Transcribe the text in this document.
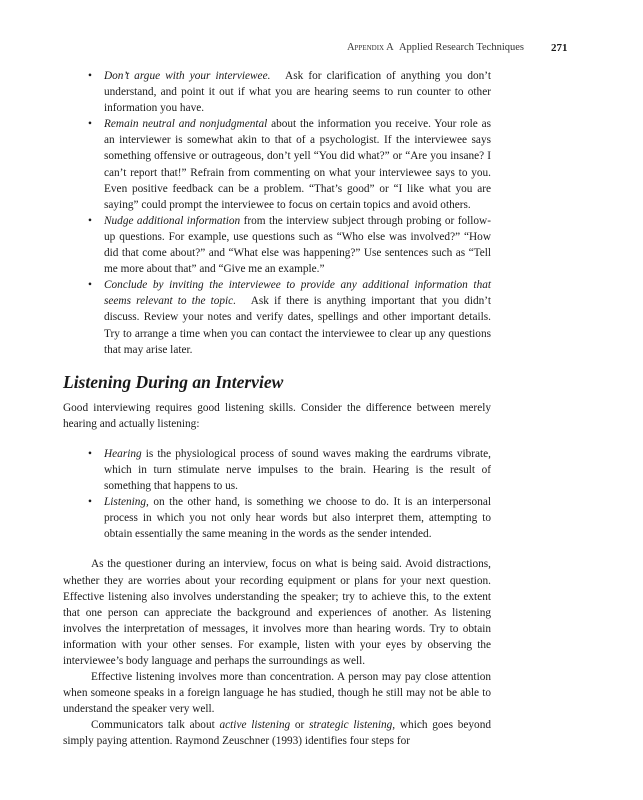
Appendix A Applied Research Techniques 271
•
Don’t argue with your interviewee. Ask for clarification of anything you don’t understand, and point it out if what you are hearing seems to run counter to other information you have.
•
Remain neutral and nonjudgmental about the information you receive. Your role as an interviewer is somewhat akin to that of a psychologist. If the interviewee says something offensive or outrageous, don’t yell “You did what?” or “Are you insane? I can’t report that!” Refrain from commenting on what your interviewee says to you. Even positive feedback can be a problem. “That’s good” or “I like what you are saying” could prompt the interviewee to focus on certain topics and avoid others.
•
Nudge additional information from the interview subject through probing or follow-up questions. For example, use questions such as “Who else was involved?” “How did that come about?” and “What else was happening?” Use sentences such as “Tell me more about that” and “Give me an example.”
•
Conclude by inviting the interviewee to provide any additional information that seems relevant to the topic. Ask if there is anything important that you didn’t discuss. Review your notes and verify dates, spellings and other important details. Try to arrange a time when you can contact the interviewee to clear up any questions that may arise later.
Listening During an Interview

Good interviewing requires good listening skills. Consider the difference between merely hearing and actually listening:

•
Hearing is the physiological process of sound waves making the eardrums vibrate, which in turn stimulate nerve impulses to the brain. Hearing is the result of something that happens to us.
•
Listening, on the other hand, is something we choose to do. It is an interpersonal process in which you not only hear words but also interpret them, attempting to obtain essentially the same meaning in the words as the sender intended.

As the questioner during an interview, focus on what is being said. Avoid distractions, whether they are worries about your recording equipment or plans for your next question. Effective listening also involves understanding the speaker; try to achieve this, to the extent that one person can appreciate the background and experiences of another. As listening involves the interpretation of messages, it involves more than hearing words. Try to obtain information with your other senses. For example, listen with your eyes by observing the interviewee’s body language and perhaps the surroundings as well.

Effective listening involves more than concentration. A person may pay close attention when someone speaks in a foreign language he has studied, though he still may not be able to understand the speaker very well.

Communicators talk about active listening or strategic listening, which goes beyond simply paying attention. Raymond Zeuschner (1993) identifies four steps for
